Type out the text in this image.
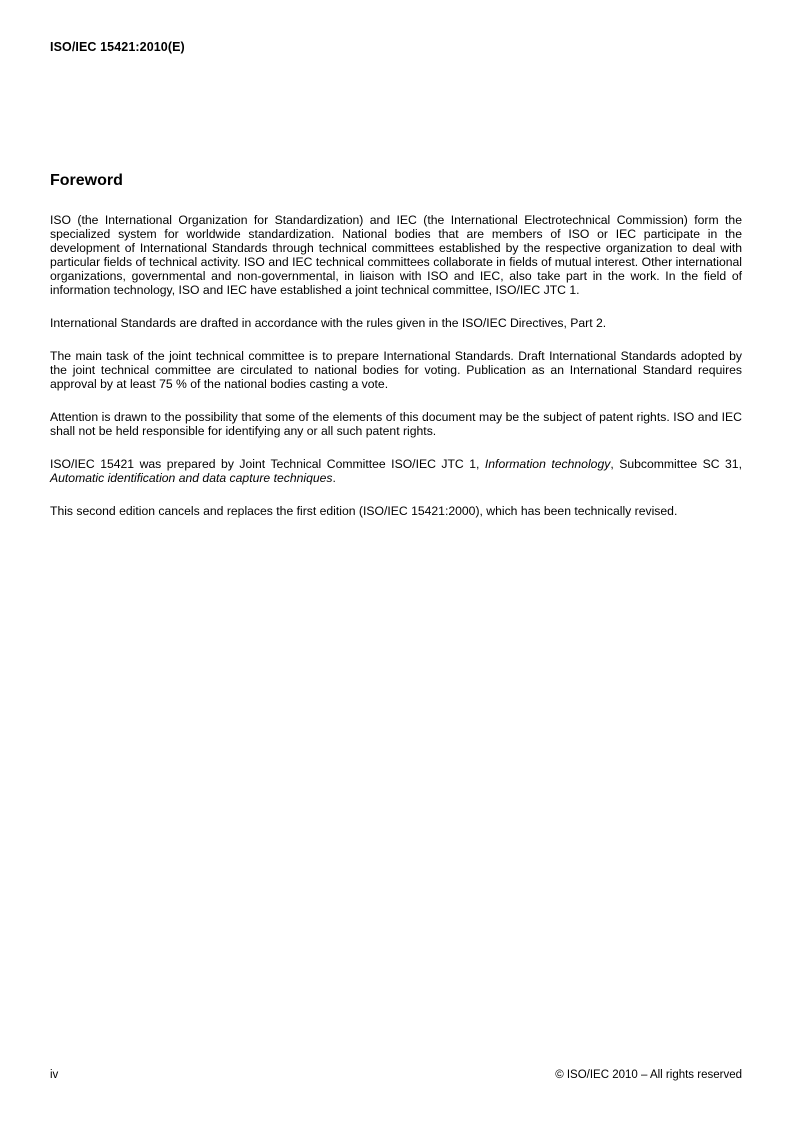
ISO/IEC 15421:2010(E)
Foreword

ISO (the International Organization for Standardization) and IEC (the International Electrotechnical Commission) form the specialized system for worldwide standardization. National bodies that are members of ISO or IEC participate in the development of International Standards through technical committees established by the respective organization to deal with particular fields of technical activity. ISO and IEC technical committees collaborate in fields of mutual interest. Other international organizations, governmental and non-governmental, in liaison with ISO and IEC, also take part in the work. In the field of information technology, ISO and IEC have established a joint technical committee, ISO/IEC JTC 1.

International Standards are drafted in accordance with the rules given in the ISO/IEC Directives, Part 2.

The main task of the joint technical committee is to prepare International Standards. Draft International Standards adopted by the joint technical committee are circulated to national bodies for voting. Publication as an International Standard requires approval by at least 75 % of the national bodies casting a vote.

Attention is drawn to the possibility that some of the elements of this document may be the subject of patent rights. ISO and IEC shall not be held responsible for identifying any or all such patent rights.

ISO/IEC 15421 was prepared by Joint Technical Committee ISO/IEC JTC 1, Information technology, Subcommittee SC 31, Automatic identification and data capture techniques.

This second edition cancels and replaces the first edition (ISO/IEC 15421:2000), which has been technically revised.

iv	© ISO/IEC 2010 – All rights reserved
